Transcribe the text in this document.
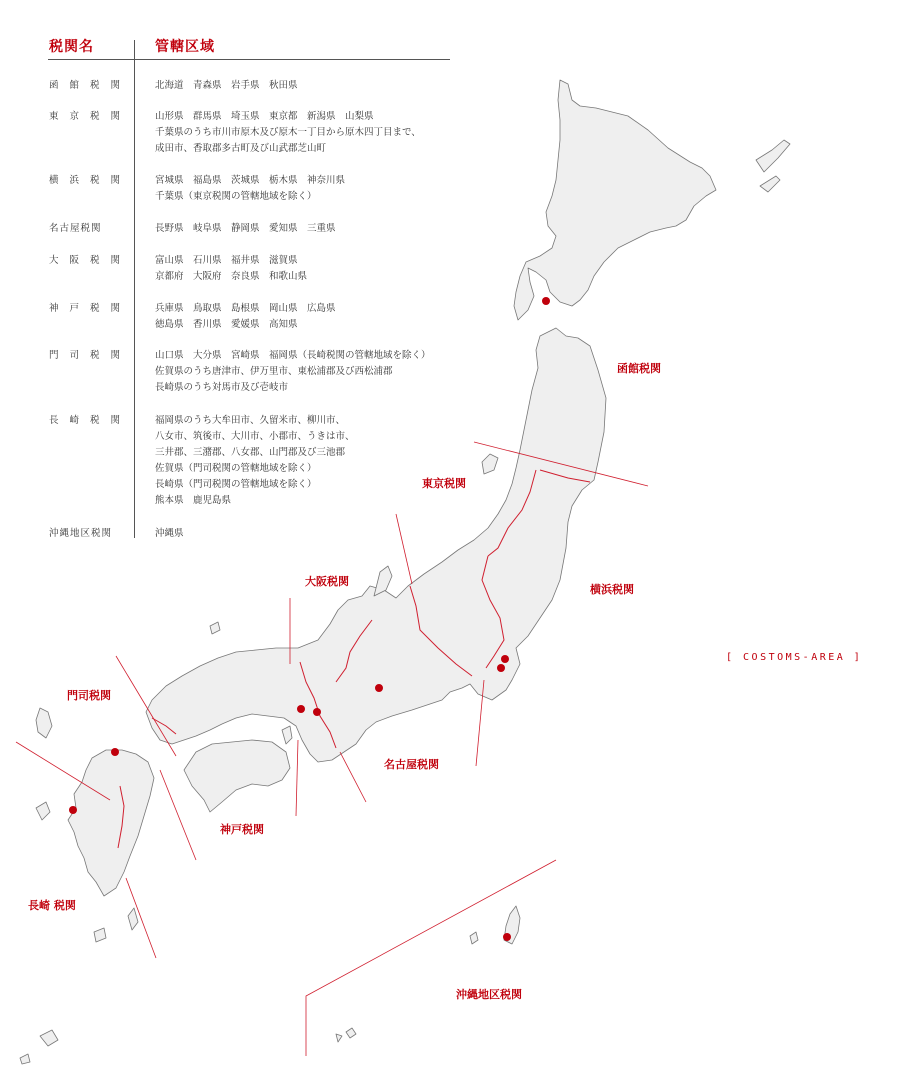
税関名	管轄区域
函 館 税 関	北海道　青森県　岩手県　秋田県
東 京 税 関	山形県　群馬県　埼玉県　東京都　新潟県　山梨県
千葉県のうち市川市原木及び原木一丁目から原木四丁目まで、
成田市、香取郡多古町及び山武郡芝山町
横 浜 税 関	宮城県　福島県　茨城県　栃木県　神奈川県
千葉県（東京税関の管轄地域を除く）
名古屋税関	長野県　岐阜県　静岡県　愛知県　三重県
大 阪 税 関	富山県　石川県　福井県　滋賀県
京都府　大阪府　奈良県　和歌山県
神 戸 税 関	兵庫県　鳥取県　島根県　岡山県　広島県
徳島県　香川県　愛媛県　高知県
門 司 税 関	山口県　大分県　宮崎県　福岡県（長崎税関の管轄地域を除く）
佐賀県のうち唐津市、伊万里市、東松浦郡及び西松浦郡
長崎県のうち対馬市及び壱岐市
長 崎 税 関	福岡県のうち大牟田市、久留米市、柳川市、
八女市、筑後市、大川市、小郡市、うきは市、
三井郡、三潴郡、八女郡、山門郡及び三池郡
佐賀県（門司税関の管轄地域を除く）
長崎県（門司税関の管轄地域を除く）
熊本県　鹿児島県
沖縄地区税関	沖縄県
函館税関
東京税関
大阪税関
横浜税関
門司税関
名古屋税関
神戸税関
長崎 税関
沖縄地区税関
[ COSTOMS-AREA ]
